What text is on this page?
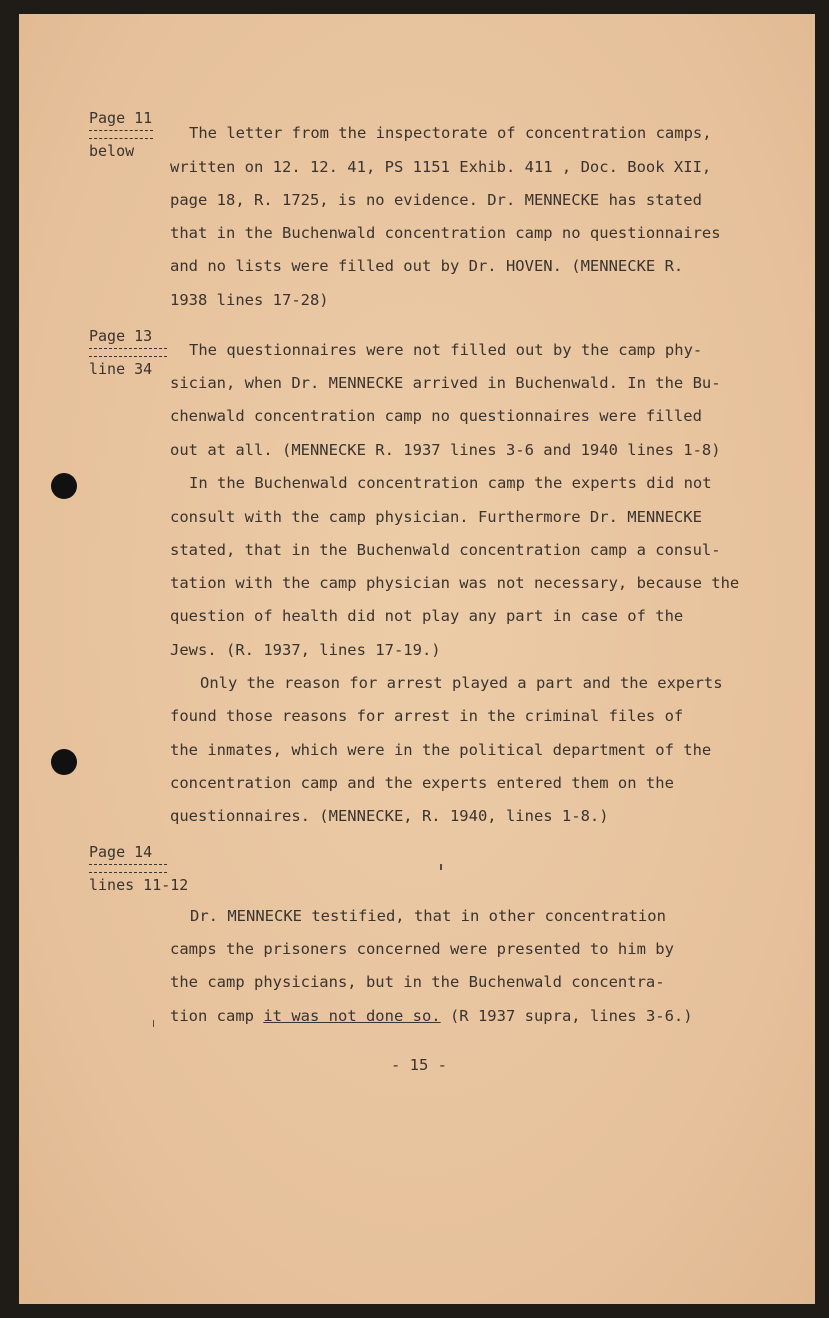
Page 11
below
Page 13
line 34
Page 14
lines 11-12
The letter from the inspectorate of concentration camps,
written on 12. 12. 41, PS 1151 Exhib. 411 , Doc. Book XII,
page 18, R. 1725, is no evidence. Dr. MENNECKE has stated
that in the Buchenwald concentration camp no questionnaires
and no lists were filled out by Dr. HOVEN. (MENNECKE R.
1938 lines 17-28)
The questionnaires were not filled out by the camp phy-
sician, when Dr. MENNECKE arrived in Buchenwald. In the Bu-
chenwald concentration camp no questionnaires were filled
out at all. (MENNECKE R. 1937 lines 3-6 and 1940 lines 1-8)
In the Buchenwald concentration camp the experts did not
consult with the camp physician. Furthermore Dr. MENNECKE
stated, that in the Buchenwald concentration camp a consul-
tation with the camp physician was not necessary, because the
question of health did not play any part in case of the
Jews. (R. 1937, lines 17-19.)
Only the reason for arrest played a part and the experts
found those reasons for arrest in the criminal files of
the inmates, which were in the political department of the
concentration camp and the experts entered them on the
questionnaires. (MENNECKE, R. 1940, lines 1-8.)
Dr. MENNECKE testified, that in other concentration
camps the prisoners concerned were presented to him by
the camp physicians, but in the Buchenwald concentra-
tion camp it was not done so. (R 1937 supra, lines 3-6.)
- 15 -
